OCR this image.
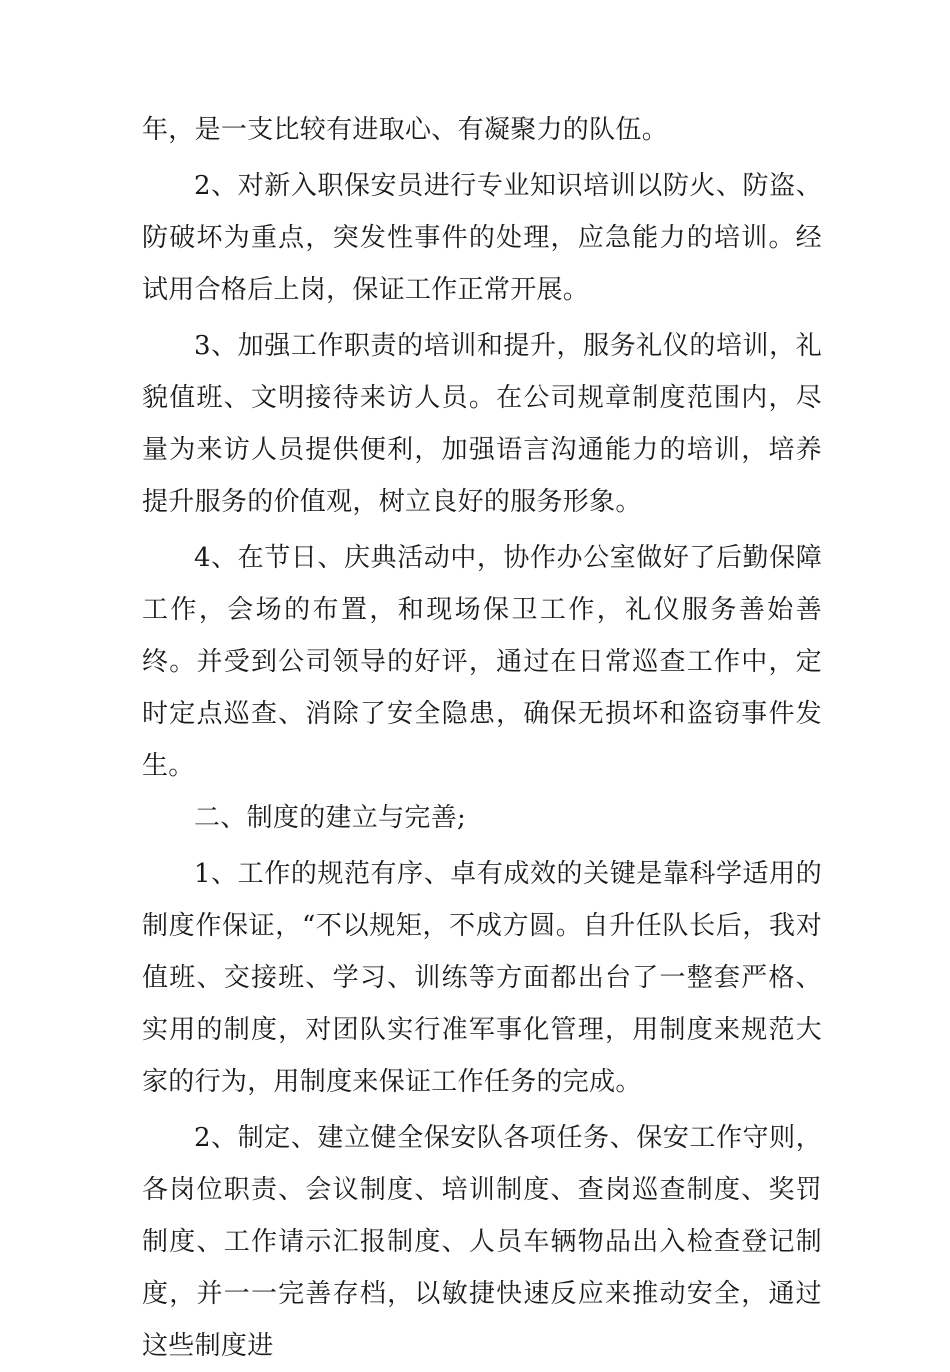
年，是一支比较有进取心、有凝聚力的队伍。

2、对新入职保安员进行专业知识培训以防火、防盗、防破坏为重点，突发性事件的处理，应急能力的培训。经试用合格后上岗，保证工作正常开展。

3、加强工作职责的培训和提升，服务礼仪的培训，礼貌值班、文明接待来访人员。在公司规章制度范围内，尽量为来访人员提供便利，加强语言沟通能力的培训，培养提升服务的价值观，树立良好的服务形象。

4、在节日、庆典活动中，协作办公室做好了后勤保障工作，会场的布置，和现场保卫工作，礼仪服务善始善终。并受到公司领导的好评，通过在日常巡查工作中，定时定点巡查、消除了安全隐患，确保无损坏和盗窃事件发生。

二、制度的建立与完善;

1、工作的规范有序、卓有成效的关键是靠科学适用的制度作保证，“不以规矩，不成方圆。自升任队长后，我对值班、交接班、学习、训练等方面都出台了一整套严格、实用的制度，对团队实行准军事化管理，用制度来规范大家的行为，用制度来保证工作任务的完成。

2、制定、建立健全保安队各项任务、保安工作守则，各岗位职责、会议制度、培训制度、查岗巡查制度、奖罚制度、工作请示汇报制度、人员车辆物品出入检查登记制度，并一一完善存档，以敏捷快速反应来推动安全，通过这些制度进
